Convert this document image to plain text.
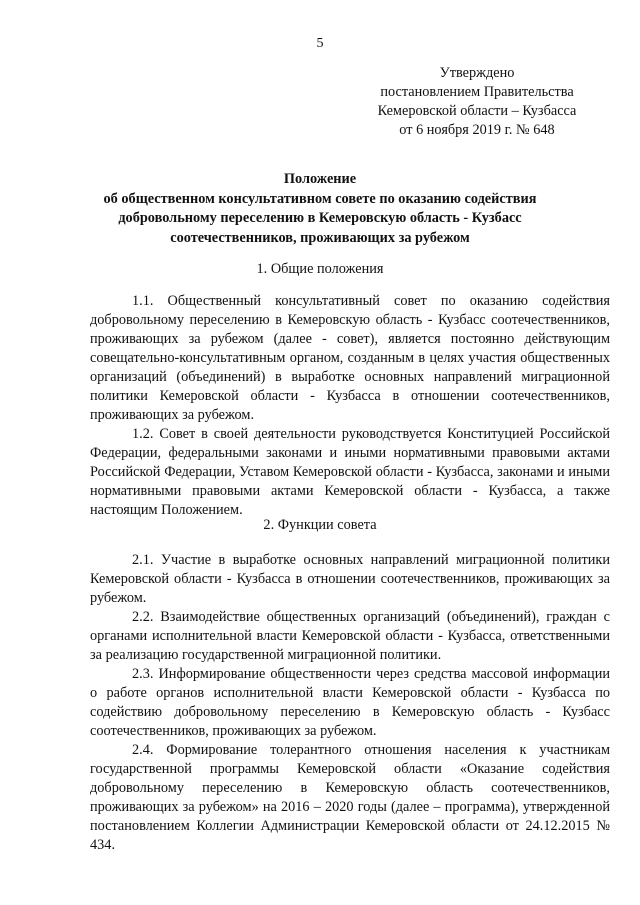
5
Утверждено
постановлением Правительства
Кемеровской области – Кузбасса
от 6 ноября 2019 г. № 648
Положение
об общественном консультативном совете по оказанию содействия
добровольному переселению в Кемеровскую область - Кузбасс
соотечественников, проживающих за рубежом
1. Общие положения

1.1. Общественный консультативный совет по оказанию содействия добровольному переселению в Кемеровскую область - Кузбасс соотечественников, проживающих за рубежом (далее - совет), является постоянно действующим совещательно-консультативным органом, созданным в целях участия общественных организаций (объединений) в выработке основных направлений миграционной политики Кемеровской области - Кузбасса в отношении соотечественников, проживающих за рубежом.

1.2. Совет в своей деятельности руководствуется Конституцией Российской Федерации, федеральными законами и иными нормативными правовыми актами Российской Федерации, Уставом Кемеровской области - Кузбасса, законами и иными нормативными правовыми актами Кемеровской области - Кузбасса, а также настоящим Положением.

2. Функции совета

2.1. Участие в выработке основных направлений миграционной политики Кемеровской области - Кузбасса в отношении соотечественников, проживающих за рубежом.

2.2. Взаимодействие общественных организаций (объединений), граждан с органами исполнительной власти Кемеровской области - Кузбасса, ответственными за реализацию государственной миграционной политики.

2.3. Информирование общественности через средства массовой информации о работе органов исполнительной власти Кемеровской области - Кузбасса по содействию добровольному переселению в Кемеровскую область - Кузбасс соотечественников, проживающих за рубежом.

2.4. Формирование толерантного отношения населения к участникам государственной программы Кемеровской области «Оказание содействия добровольному переселению в Кемеровскую область соотечественников, проживающих за рубежом» на 2016 – 2020 годы (далее – программа), утвержденной постановлением Коллегии Администрации Кемеровской области от 24.12.2015 № 434.
